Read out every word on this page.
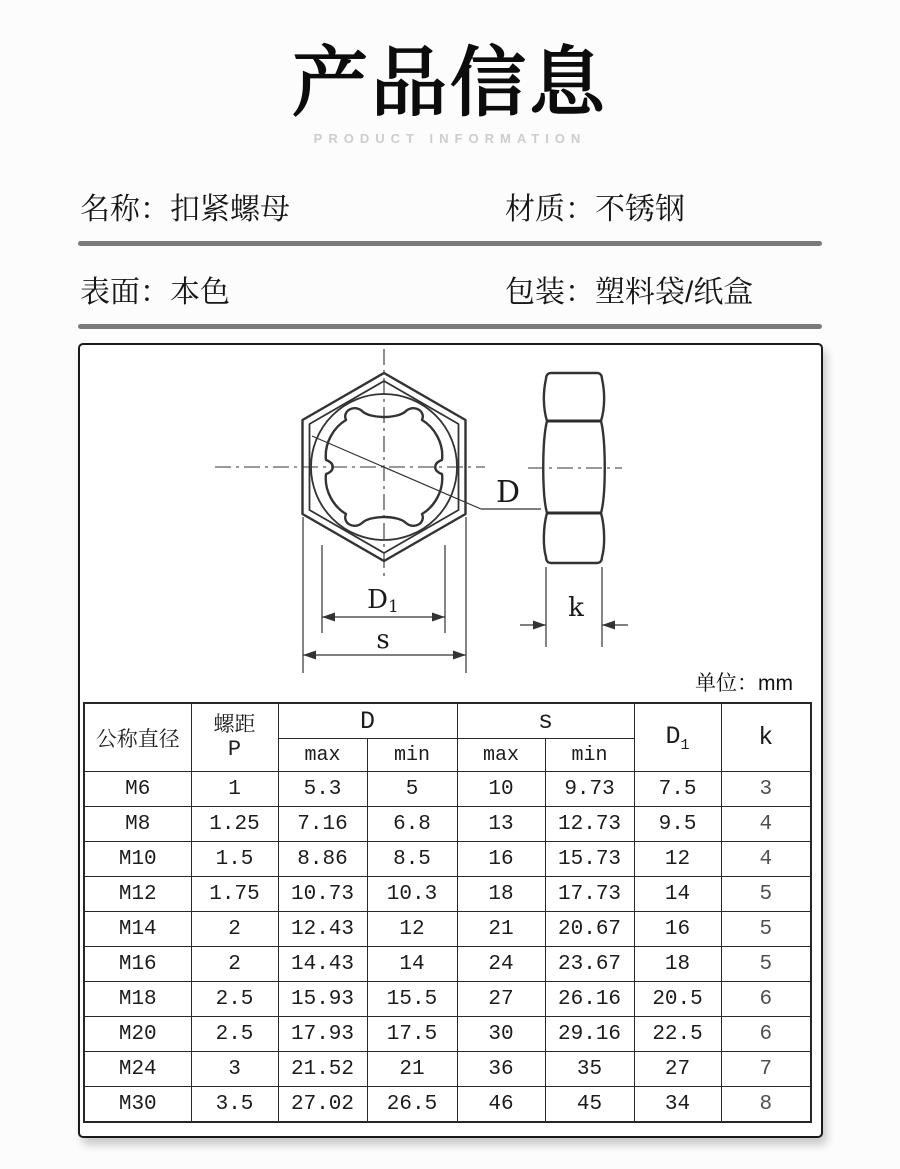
产品信息
PRODUCT INFORMATION
名称：扣紧螺母	材质：不锈钢
表面：本色	包装：塑料袋/纸盒
D
D1
s
k
单位：mm
公称直径	螺距
P	D		s		$D_1$	k
		max	min	max	min		
M6	1	5.3	5	10	9.73	7.5	3
M8	1.25	7.16	6.8	13	12.73	9.5	4
M10	1.5	8.86	8.5	16	15.73	12	4
M12	1.75	10.73	10.3	18	17.73	14	5
M14	2	12.43	12	21	20.67	16	5
M16	2	14.43	14	24	23.67	18	5
M18	2.5	15.93	15.5	27	26.16	20.5	6
M20	2.5	17.93	17.5	30	29.16	22.5	6
M24	3	21.52	21	36	35	27	7
M30	3.5	27.02	26.5	46	45	34	8
